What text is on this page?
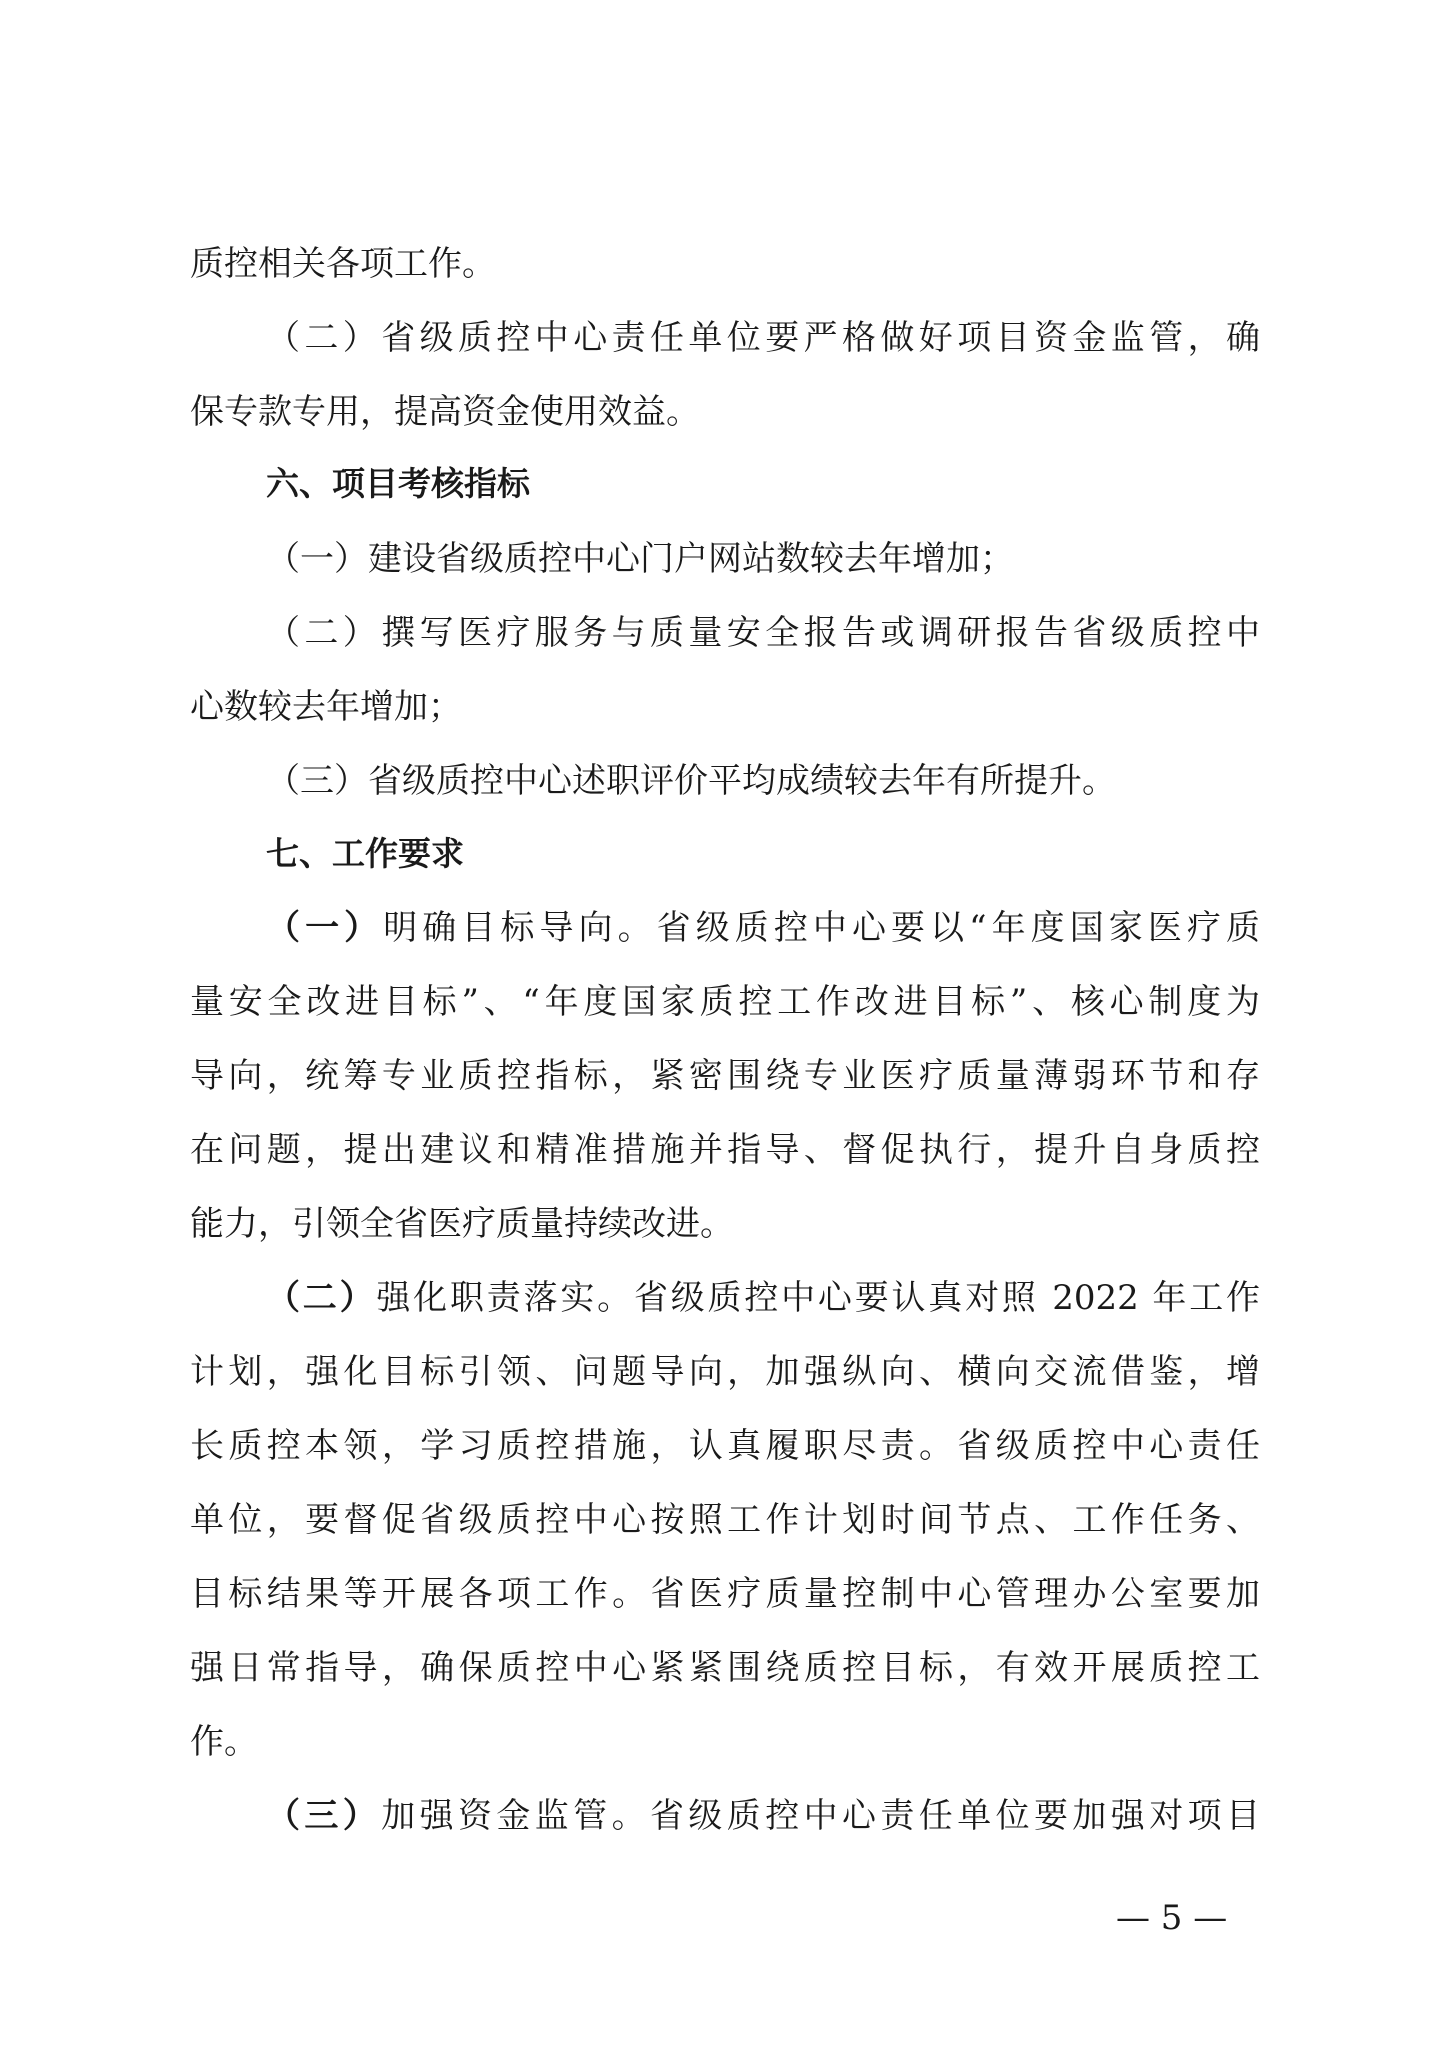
质控相关各项工作。
（二）省级质控中心责任单位要严格做好项目资金监管，确
保专款专用，提高资金使用效益。
六、项目考核指标
（一）建设省级质控中心门户网站数较去年增加；
（二）撰写医疗服务与质量安全报告或调研报告省级质控中
心数较去年增加；
（三）省级质控中心述职评价平均成绩较去年有所提升。
七、工作要求
（一）明确目标导向。省级质控中心要以“年度国家医疗质
量安全改进目标”、“年度国家质控工作改进目标”、核心制度为
导向，统筹专业质控指标，紧密围绕专业医疗质量薄弱环节和存
在问题，提出建议和精准措施并指导、督促执行，提升自身质控
能力，引领全省医疗质量持续改进。
（二）强化职责落实。省级质控中心要认真对照 2022 年工作
计划，强化目标引领、问题导向，加强纵向、横向交流借鉴，增
长质控本领，学习质控措施，认真履职尽责。省级质控中心责任
单位，要督促省级质控中心按照工作计划时间节点、工作任务、
目标结果等开展各项工作。省医疗质量控制中心管理办公室要加
强日常指导，确保质控中心紧紧围绕质控目标，有效开展质控工
作。
（三）加强资金监管。省级质控中心责任单位要加强对项目
— 5 —
